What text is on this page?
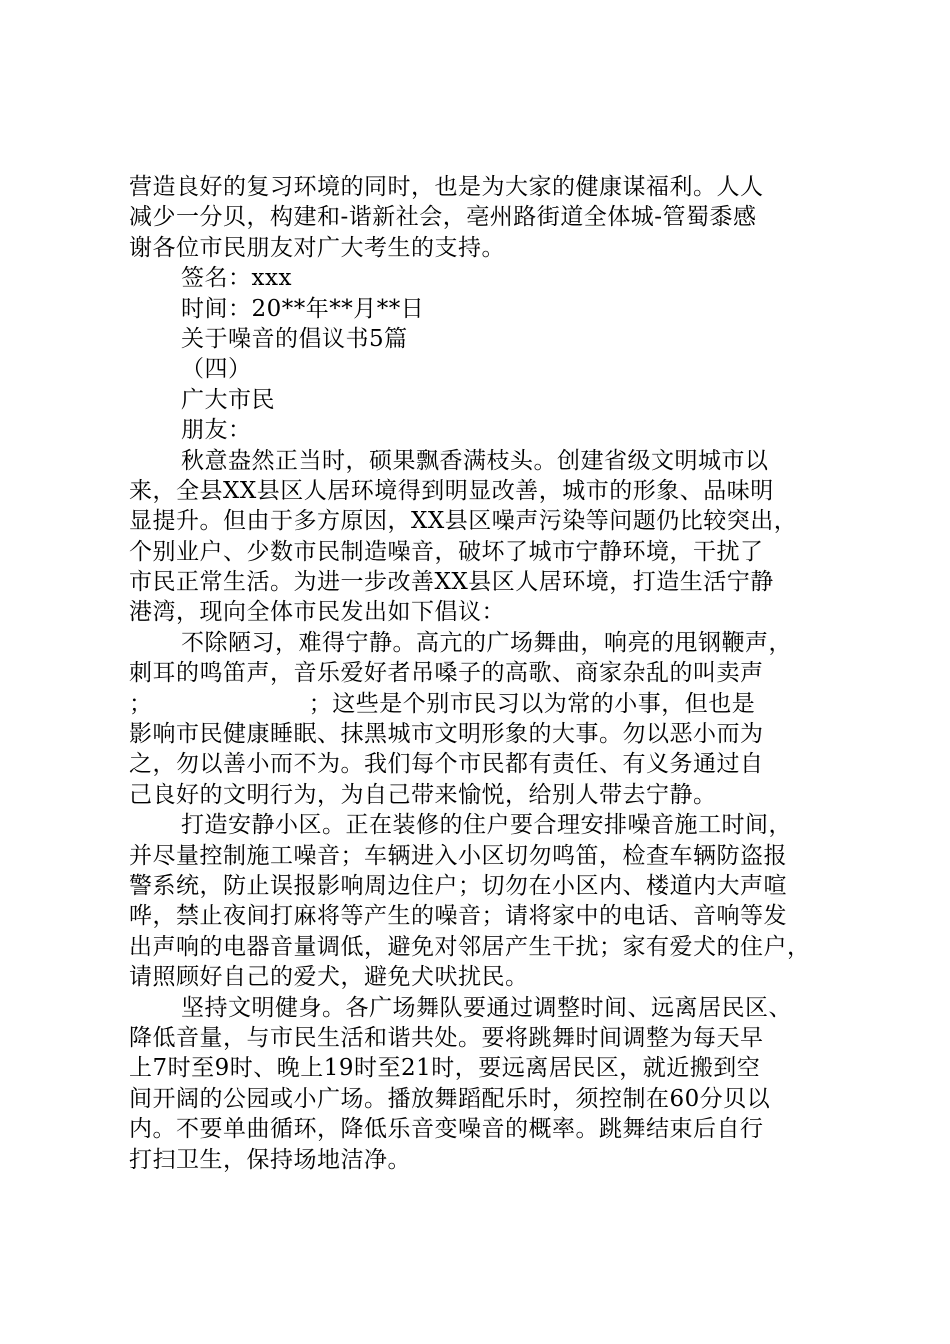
营造良好的复习环境的同时，也是为大家的健康谋福利。人人
减少一分贝，构建和-谐新社会，亳州路街道全体城-管蜀黍感
谢各位市民朋友对广大考生的支持。
签名：xxx
时间：20**年**月**日
关于噪音的倡议书5篇
（四）
广大市民
朋友：
秋意盎然正当时，硕果飘香满枝头。创建省级文明城市以
来，全县XX县区人居环境得到明显改善，城市的形象、品味明
显提升。但由于多方原因，XX县区噪声污染等问题仍比较突出，
个别业户、少数市民制造噪音，破坏了城市宁静环境，干扰了
市民正常生活。为进一步改善XX县区人居环境，打造生活宁静
港湾，现向全体市民发出如下倡议：
不除陋习，难得宁静。高亢的广场舞曲，响亮的甩钢鞭声，
刺耳的鸣笛声，音乐爱好者吊嗓子的高歌、商家杂乱的叫卖声
；                    ；这些是个别市民习以为常的小事，但也是
影响市民健康睡眠、抹黑城市文明形象的大事。勿以恶小而为
之，勿以善小而不为。我们每个市民都有责任、有义务通过自
己良好的文明行为，为自己带来愉悦，给别人带去宁静。
打造安静小区。正在装修的住户要合理安排噪音施工时间，
并尽量控制施工噪音；车辆进入小区切勿鸣笛，检查车辆防盗报
警系统，防止误报影响周边住户；切勿在小区内、楼道内大声喧
哗，禁止夜间打麻将等产生的噪音；请将家中的电话、音响等发
出声响的电器音量调低，避免对邻居产生干扰；家有爱犬的住户，
请照顾好自己的爱犬，避免犬吠扰民。
坚持文明健身。各广场舞队要通过调整时间、远离居民区、
降低音量，与市民生活和谐共处。要将跳舞时间调整为每天早
上7时至9时、晚上19时至21时，要远离居民区，就近搬到空
间开阔的公园或小广场。播放舞蹈配乐时，须控制在60分贝以
内。不要单曲循环，降低乐音变噪音的概率。跳舞结束后自行
打扫卫生，保持场地洁净。
